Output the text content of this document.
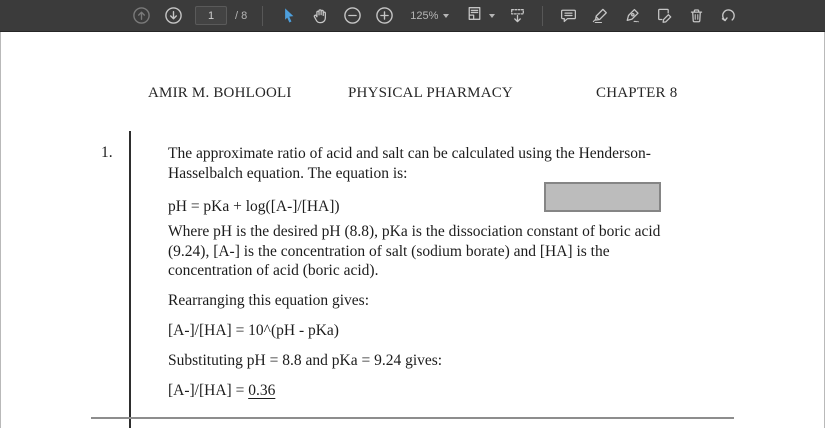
1
/ 8	125%
AMIR M. BOHLOOLI	PHYSICAL PHARMACY	CHAPTER 8
1.	The approximate ratio of acid and salt can be calculated using the Henderson-
Hasselbalch equation. The equation is:
pH = pKa + log([A-]/[HA])
Where pH is the desired pH (8.8), pKa is the dissociation constant of boric acid
(9.24), [A-] is the concentration of salt (sodium borate) and [HA] is the
concentration of acid (boric acid).
Rearranging this equation gives:
[A-]/[HA] = 10^(pH - pKa)
Substituting pH = 8.8 and pKa = 9.24 gives:
[A-]/[HA] = 0.36
